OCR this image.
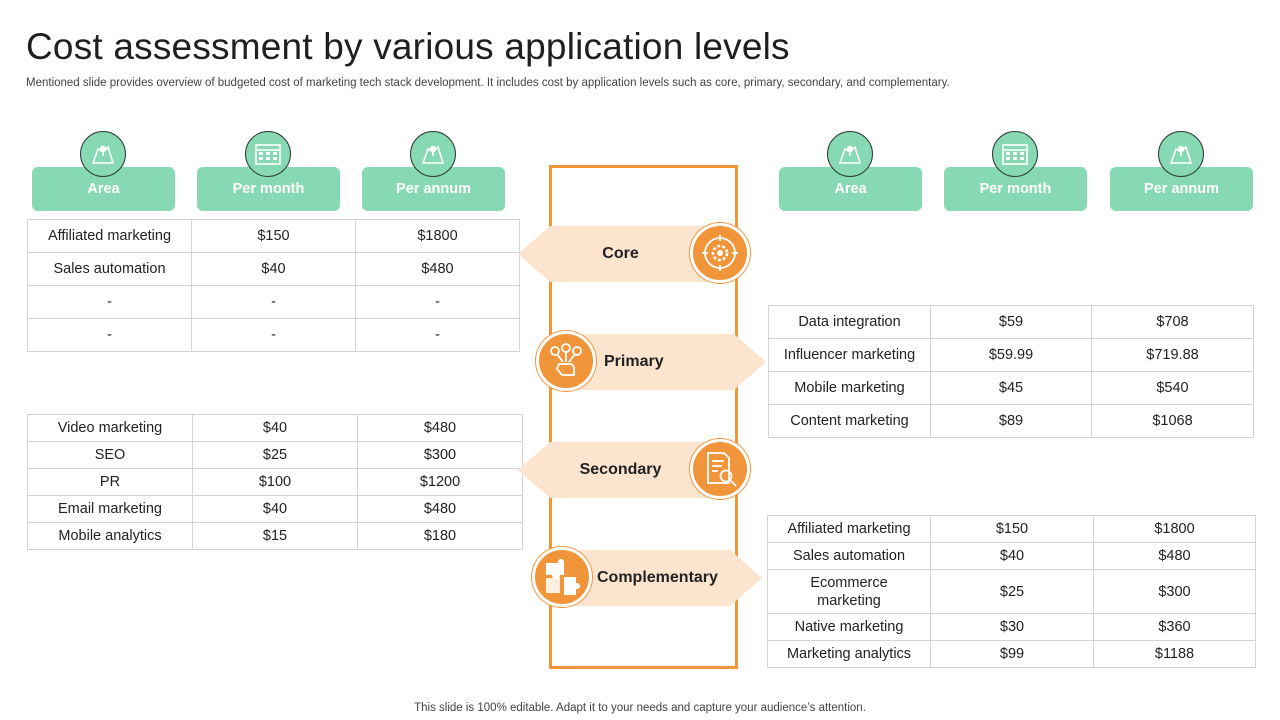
Cost assessment by various application levels
Mentioned slide provides overview of budgeted cost of marketing tech stack development. It includes cost by application levels such as core, primary, secondary, and complementary.
Area	Per month	Per annum	Area	Per month	Per annum
Affiliated marketing	$150	$1800
Sales automation	$40	$480
-	-	-
-	-	-
Video marketing	$40	$480
SEO	$25	$300
PR	$100	$1200
Email marketing	$40	$480
Mobile analytics	$15	$180
Data integration	$59	$708
Influencer marketing	$59.99	$719.88
Mobile marketing	$45	$540
Content marketing	$89	$1068
Affiliated marketing	$150	$1800
Sales automation	$40	$480
Ecommerce marketing	$25	$300
Native marketing	$30	$360
Marketing analytics	$99	$1188
Core
Primary
Secondary
Complementary
This slide is 100% editable. Adapt it to your needs and capture your audience’s attention.
